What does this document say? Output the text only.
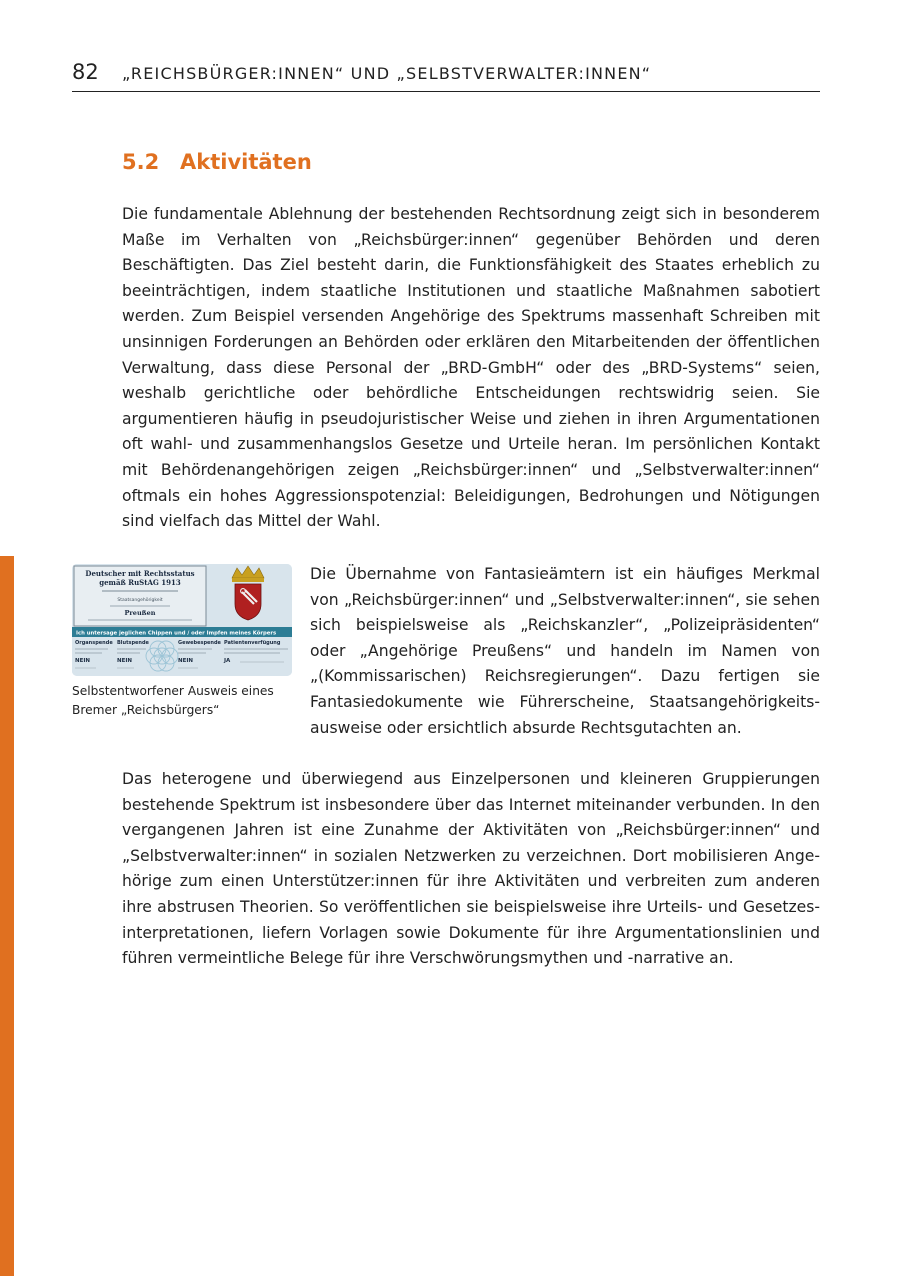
82 „REICHSBÜRGER:INNEN“ UND „SELBSTVERWALTER:INNEN“
5.2 Aktivitäten

Die fundamentale Ablehnung der bestehenden Rechtsordnung zeigt sich in besonderem Maße im Verhalten von „Reichsbürger:innen“ gegenüber Behörden und deren Beschäftigten. Das Ziel besteht darin, die Funktionsfähigkeit des Staates erheblich zu beeinträchtigen, indem staatliche Institutionen und staatliche Maßnahmen sabotiert werden. Zum Beispiel versenden Angehörige des Spektrums massenhaft Schreiben mit unsinnigen Forderungen an Behörden oder erklären den Mitarbeitenden der öffentlichen Verwaltung, dass diese Personal der „BRD-GmbH“ oder des „BRD-Systems“ seien, weshalb gerichtliche oder behördliche Entscheidungen rechtswidrig seien. Sie argumentieren häufig in pseudojuristischer Weise und ziehen in ihren Argumentationen oft wahl- und zusammenhangslos Gesetze und Urteile heran. Im persönlichen Kontakt mit Behördenangehörigen zeigen „Reichsbürger:innen“ und „Selbstverwalter:innen“ oftmals ein hohes Aggressionspotenzial: Beleidigungen, Bedrohungen und Nötigungen sind vielfach das Mittel der Wahl.

Deutscher mit Rechtsstatus
gemäß RuStAG 1913
Staatsangehörigkeit
Preußen
Ich untersage jeglichen Chippen und / oder Impfen meines Körpers
Organspende Blutspende	Gewebespende Patientenverfügung
NEIN	NEIN	NEIN	JA
Selbstentworfener Ausweis eines Bremer „Reichsbürgers“

Die Übernahme von Fantasieämtern ist ein häufiges Merkmal von „Reichsbürger:innen“ und „Selbstverwalter:innen“, sie sehen sich beispielsweise als „Reichskanzler“, „Polizeipräsidenten“ oder „Angehörige Preußens“ und handeln im Namen von „(Kommissarischen) Reichsregierungen“. Dazu fertigen sie Fantasiedokumente wie Führerscheine, Staatsangehörigkeitsausweise oder ersichtlich absurde Rechtsgutachten an.

Das heterogene und überwiegend aus Einzelpersonen und kleineren Gruppierungen bestehende Spektrum ist insbesondere über das Internet miteinander verbunden. In den vergangenen Jahren ist eine Zunahme der Aktivitäten von „Reichsbürger:innen“ und „Selbstverwalter:innen“ in sozialen Netzwerken zu verzeichnen. Dort mobilisieren Angehörige zum einen Unterstützer:innen für ihre Aktivitäten und verbreiten zum anderen ihre abstrusen Theorien. So veröffentlichen sie beispielsweise ihre Urteils- und Gesetzesinterpretationen, liefern Vorlagen sowie Dokumente für ihre Argumentationslinien und führen vermeintliche Belege für ihre Verschwörungsmythen und -narrative an.
